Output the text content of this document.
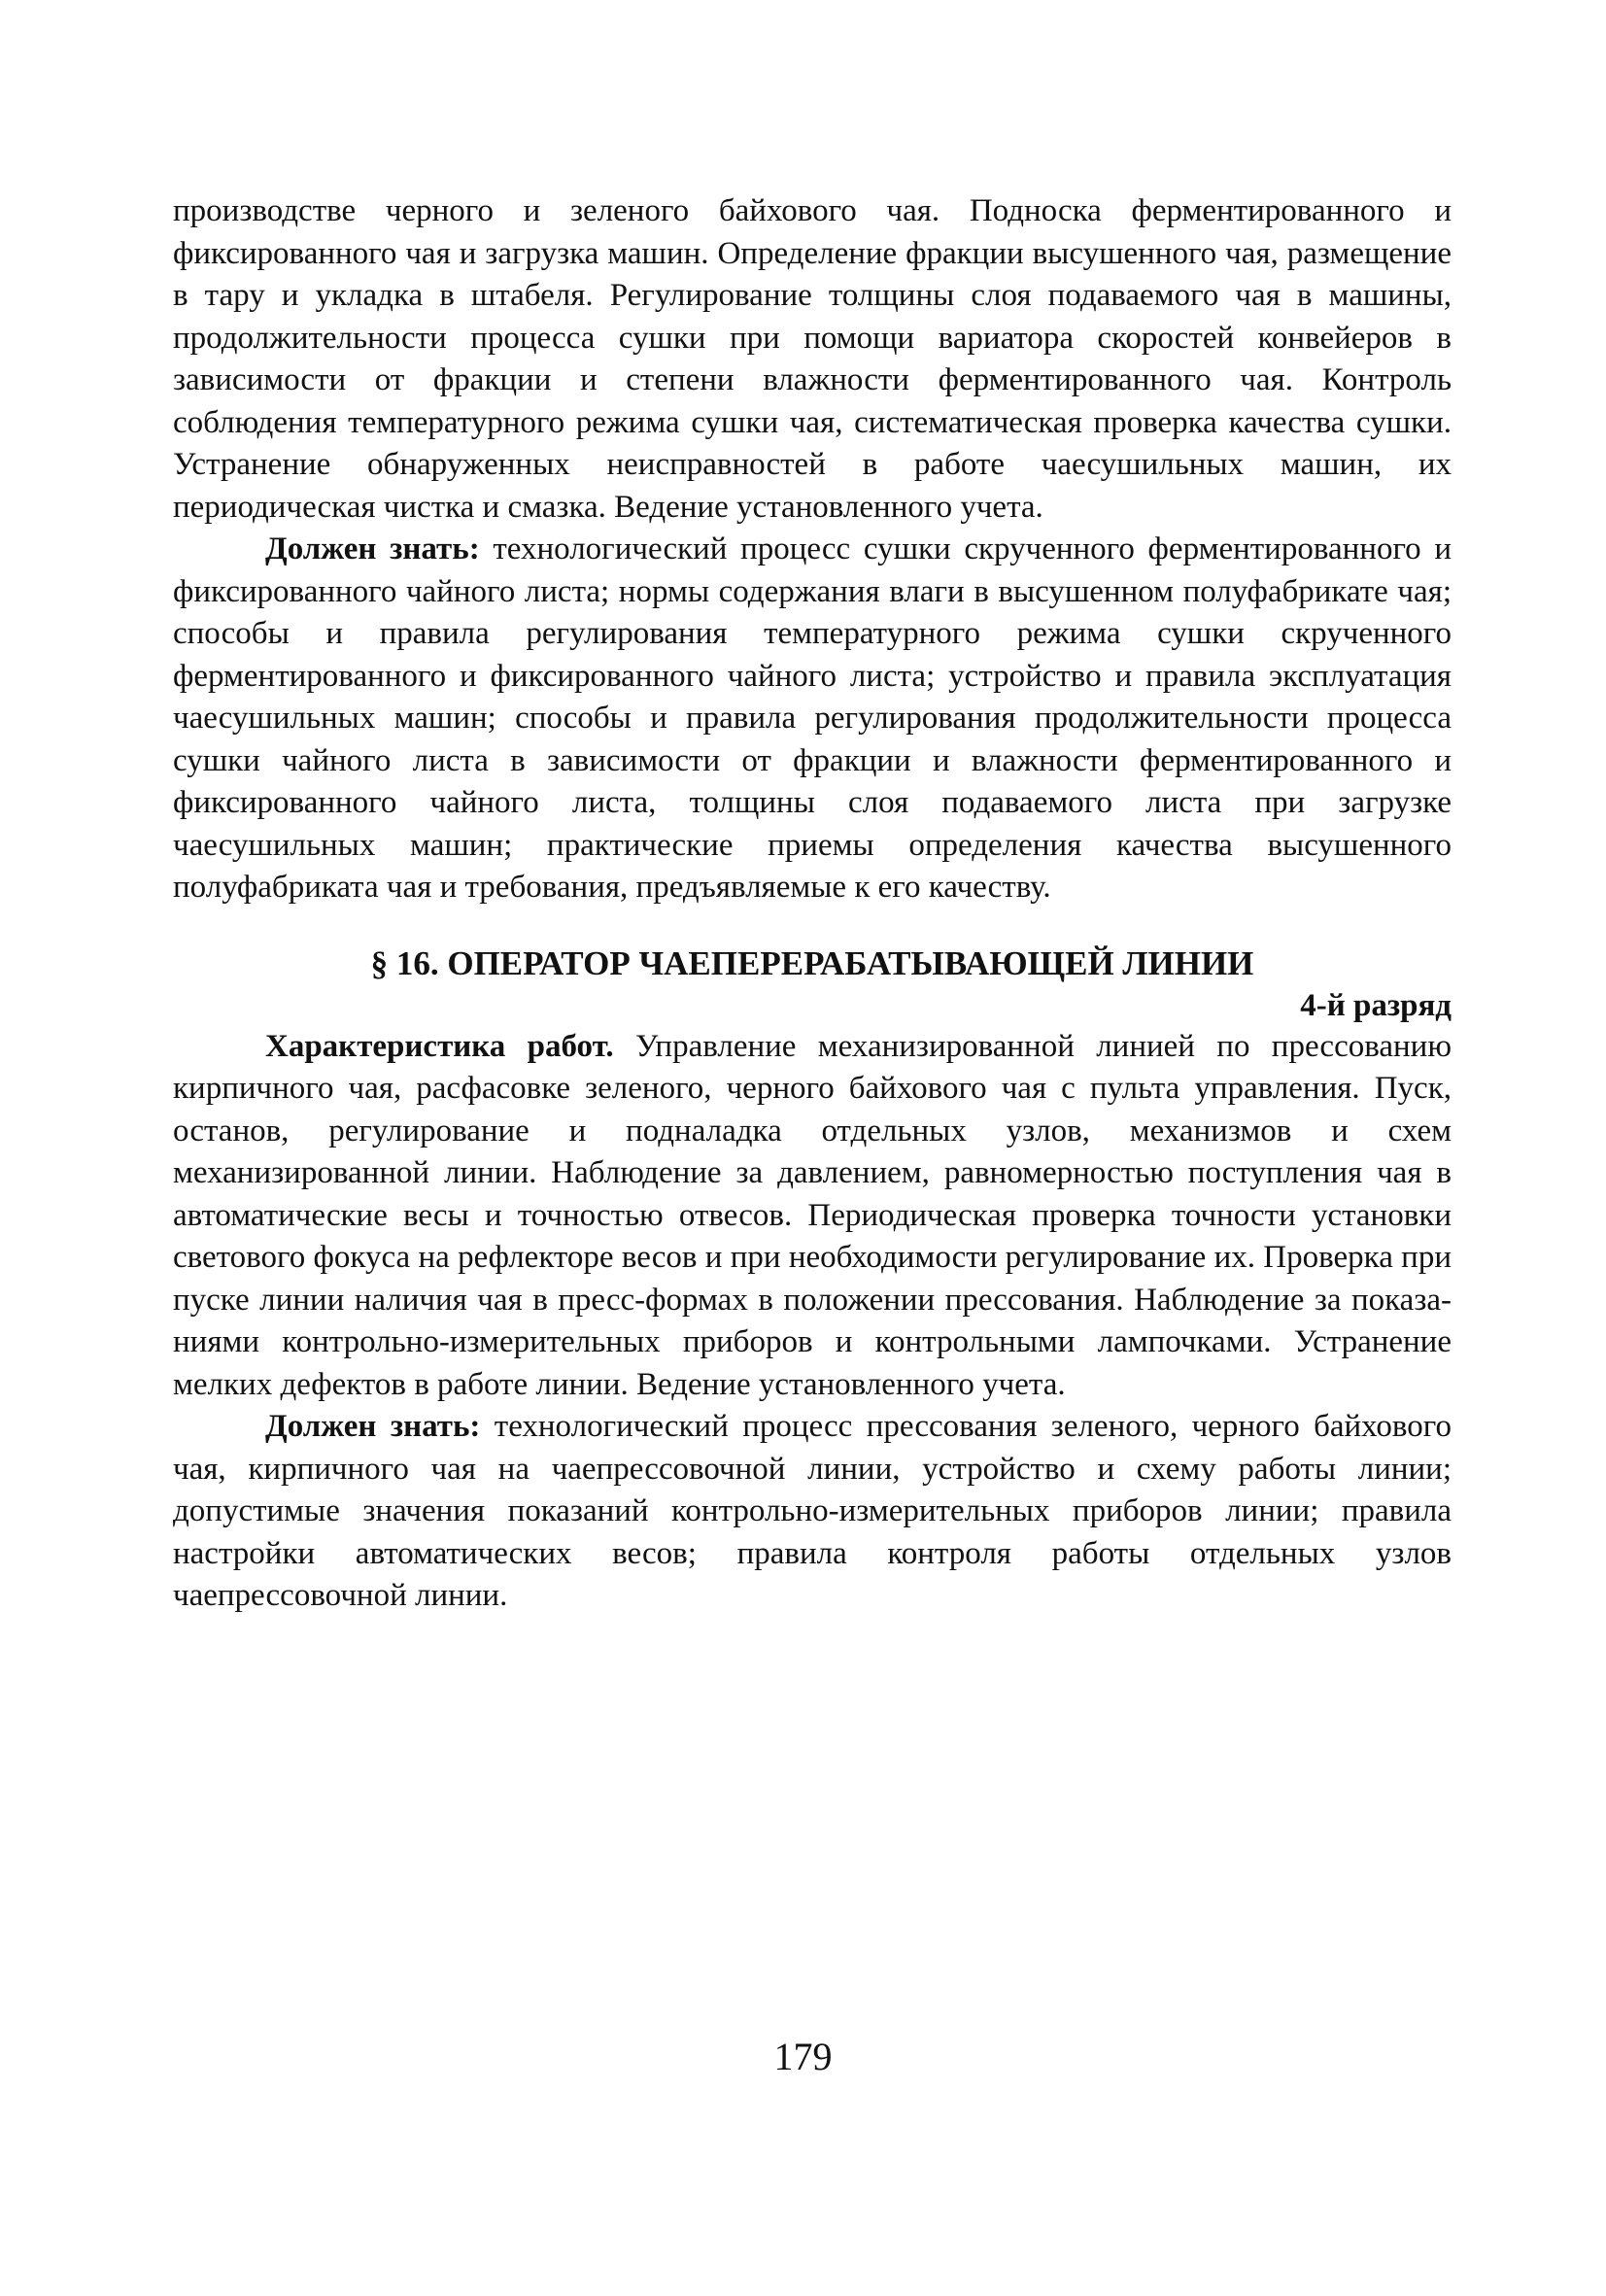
производстве черного и зеленого байхового чая. Подноска ферментированного и фиксированного чая и загрузка машин. Определение фракции высушенного чая, размещение в тару и укладка в штабеля. Регулирование толщины слоя подаваемого чая в машины, продолжительности процесса сушки при помощи вариатора скоростей конвейеров в зависимости от фракции и степени влажности ферментированного чая. Контроль соблюдения температурного режима сушки чая, систематическая проверка качества сушки. Устранение обнаруженных неисправностей в работе чаесушильных машин, их периодическая чистка и смазка. Ведение установленного учета.

Должен знать: технологический процесс сушки скрученного ферментированного и фиксированного чайного листа; нормы содержания влаги в высушенном полуфабрикате чая; способы и правила регулирования температурного режима сушки скрученного ферментированного и фиксированного чайного листа; устройство и правила эксплуатация чаесушильных машин; способы и правила регулирования продолжительности процесса сушки чайного листа в зависимости от фракции и влажности ферментированного и фиксированного чайного листа, толщины слоя подаваемого листа при загрузке чаесушильных машин; практические приемы определения качества высушенного полуфабриката чая и требования, предъявляемые к его качеству.

§ 16. ОПЕРАТОР ЧАЕПЕРЕРАБАТЫВАЮЩЕЙ ЛИНИИ

4-й разряд

Характеристика работ. Управление механизированной линией по прессованию кирпичного чая, расфасовке зеленого, черного байхового чая с пульта управления. Пуск, останов, регулирование и подналадка отдельных узлов, механизмов и схем механизированной линии. Наблюдение за давлением, равномерностью поступления чая в автоматические весы и точностью отвесов. Периодическая проверка точности установки светового фокуса на рефлекторе весов и при необходимости регулирование их. Проверка при пуске линии наличия чая в пресс-формах в положении прессования. Наблюдение за показаниями контрольно-измерительных приборов и контрольными лампочками. Устранение мелких дефектов в работе линии. Ведение установленного учета.

Должен знать: технологический процесс прессования зеленого, черного байхового чая, кирпичного чая на чаепрессовочной линии, устройство и схему работы линии; допустимые значения показаний контрольно-измерительных приборов линии; правила настройки автоматических весов; правила контроля работы отдельных узлов чаепрессовочной линии.

179
